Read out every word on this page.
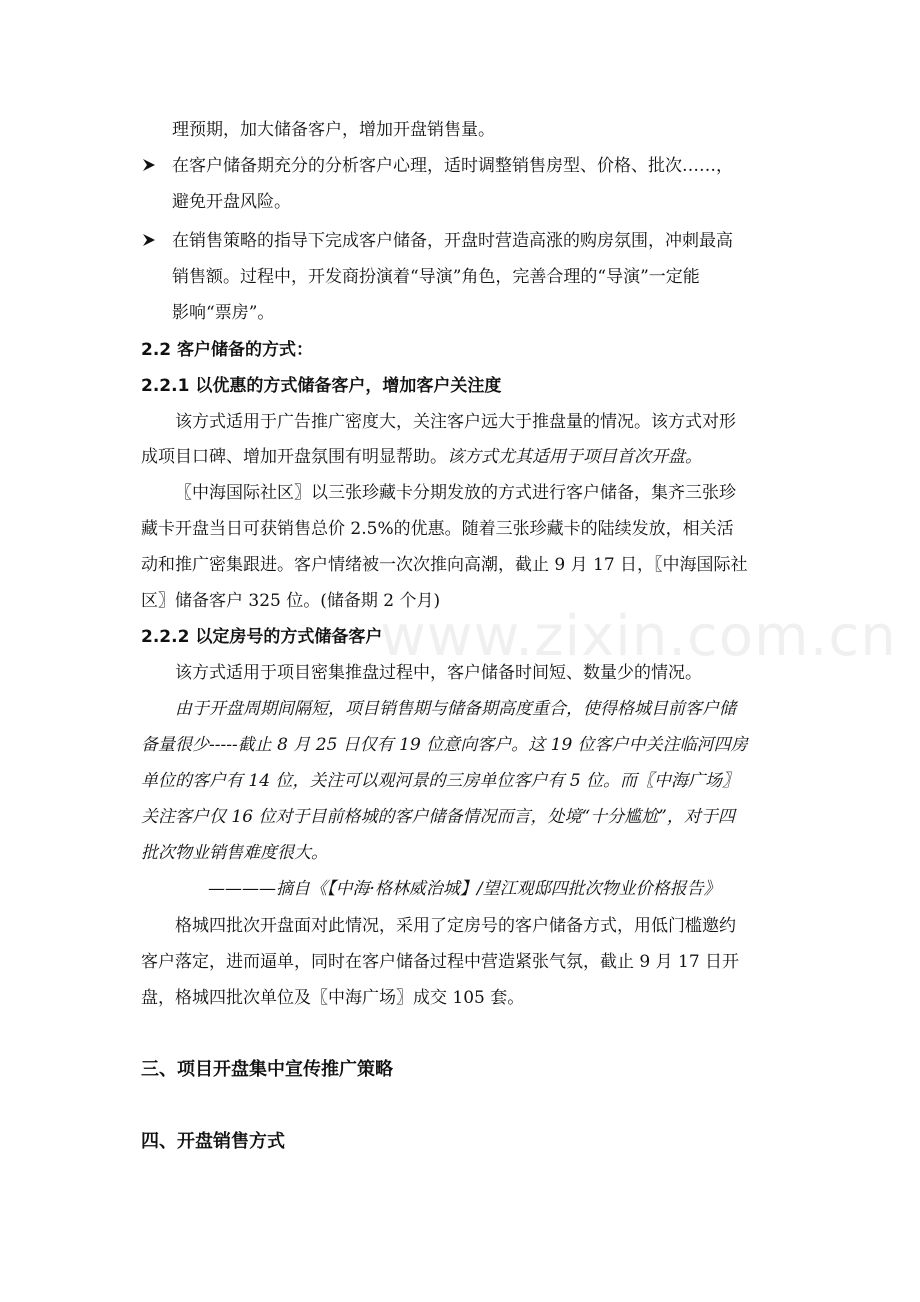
www.zixin.com.cn
理预期，加大储备客户，增加开盘销售量。
在客户储备期充分的分析客户心理，适时调整销售房型、价格、批次……，
避免开盘风险。
在销售策略的指导下完成客户储备，开盘时营造高涨的购房氛围，冲刺最高
销售额。过程中，开发商扮演着“导演”角色，完善合理的“导演”一定能
影响“票房”。
2.2 客户储备的方式：
2.2.1 以优惠的方式储备客户，增加客户关注度
该方式适用于广告推广密度大，关注客户远大于推盘量的情况。该方式对形
成项目口碑、增加开盘氛围有明显帮助。该方式尤其适用于项目首次开盘。
〖中海国际社区〗以三张珍藏卡分期发放的方式进行客户储备，集齐三张珍
藏卡开盘当日可获销售总价 2.5%的优惠。随着三张珍藏卡的陆续发放，相关活
动和推广密集跟进。客户情绪被一次次推向高潮，截止 9 月 17 日，〖中海国际社
区〗储备客户 325 位。(储备期 2 个月)
2.2.2 以定房号的方式储备客户
该方式适用于项目密集推盘过程中，客户储备时间短、数量少的情况。
由于开盘周期间隔短，项目销售期与储备期高度重合，使得格城目前客户储
备量很少-----截止 8 月 25 日仅有 19 位意向客户。这 19 位客户中关注临河四房
单位的客户有 14 位，关注可以观河景的三房单位客户有 5 位。而〖中海广场〗
关注客户仅 16 位对于目前格城的客户储备情况而言，处境“十分尴尬”，对于四
批次物业销售难度很大。
————摘自《【中海·格林威治城】/望江观邸四批次物业价格报告》
格城四批次开盘面对此情况，采用了定房号的客户储备方式，用低门槛邀约
客户落定，进而逼单，同时在客户储备过程中营造紧张气氛，截止 9 月 17 日开
盘，格城四批次单位及〖中海广场〗成交 105 套。
三、项目开盘集中宣传推广策略
四、开盘销售方式
